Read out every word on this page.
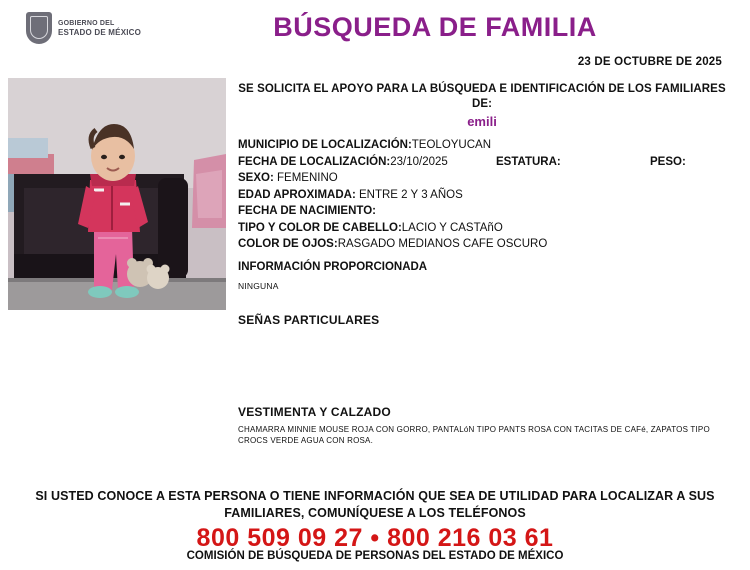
GOBIERNO DEL
ESTADO DE MÉXICO	BÚSQUEDA DE FAMILIA
23 DE OCTUBRE DE 2025
SE SOLICITA EL APOYO PARA LA BÚSQUEDA E IDENTIFICACIÓN DE LOS FAMILIARES DE:
emili
MUNICIPIO DE LOCALIZACIÓN:TEOLOYUCAN
FECHA DE LOCALIZACIÓN:23/10/2025	ESTATURA:	PESO:
SEXO: FEMENINO
EDAD APROXIMADA: ENTRE 2 Y 3 AÑOS
FECHA DE NACIMIENTO:
TIPO Y COLOR DE CABELLO:LACIO Y CASTAñO
COLOR DE OJOS:RASGADO MEDIANOS CAFE OSCURO
INFORMACIÓN PROPORCIONADA
NINGUNA
SEÑAS PARTICULARES
VESTIMENTA Y CALZADO
CHAMARRA MINNIE MOUSE ROJA CON GORRO, PANTALóN TIPO PANTS ROSA CON TACITAS DE CAFé, ZAPATOS TIPO CROCS VERDE AGUA CON ROSA.
SI USTED CONOCE A ESTA PERSONA O TIENE INFORMACIÓN QUE SEA DE UTILIDAD PARA LOCALIZAR A SUS FAMILIARES, COMUNÍQUESE A LOS TELÉFONOS
800 509 09 27 • 800 216 03 61
COMISIÓN DE BÚSQUEDA DE PERSONAS DEL ESTADO DE MÉXICO
